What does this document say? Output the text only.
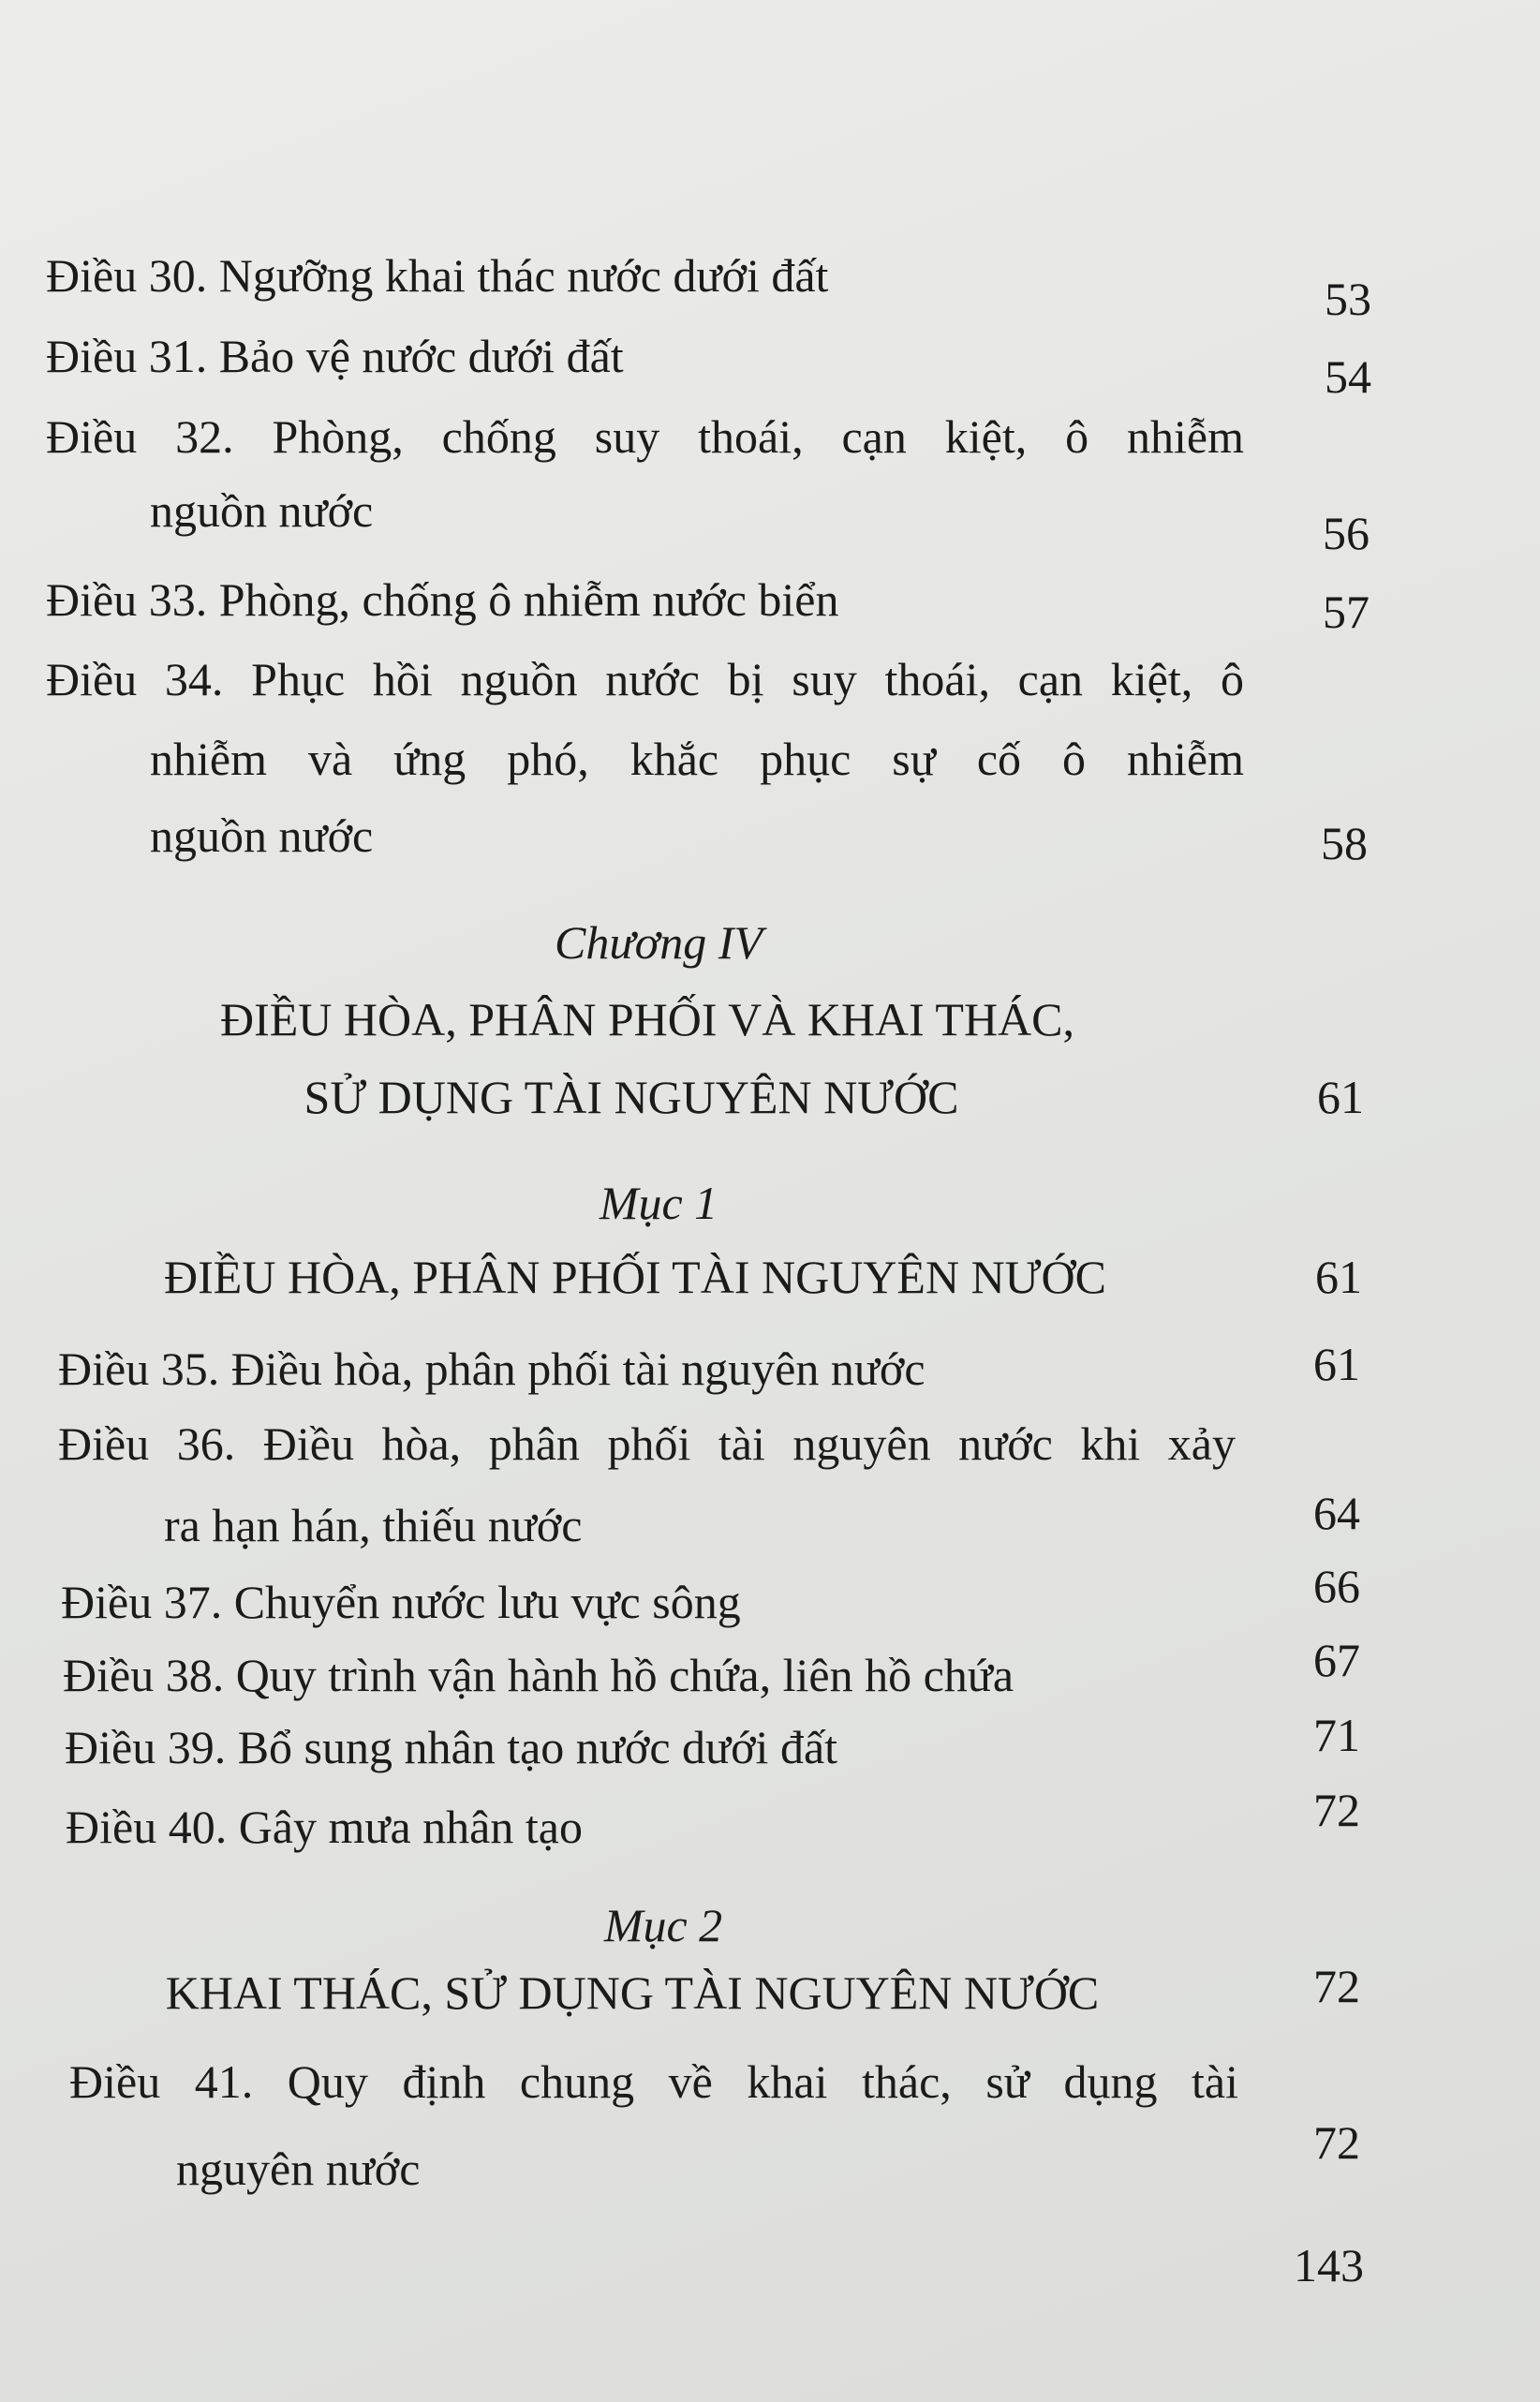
Điều 30. Ngưỡng khai thác nước dưới đất	53
Điều 31. Bảo vệ nước dưới đất	54
Điều 32. Phòng, chống suy thoái, cạn kiệt, ô nhiễm
nguồn nước	56
Điều 33. Phòng, chống ô nhiễm nước biển	57
Điều 34. Phục hồi nguồn nước bị suy thoái, cạn kiệt, ô
nhiễm và ứng phó, khắc phục sự cố ô nhiễm
nguồn nước	58
Chương IV
ĐIỀU HÒA, PHÂN PHỐI VÀ KHAI THÁC,
SỬ DỤNG TÀI NGUYÊN NƯỚC	61
Mục 1
ĐIỀU HÒA, PHÂN PHỐI TÀI NGUYÊN NƯỚC	61
Điều 35. Điều hòa, phân phối tài nguyên nước	61
Điều 36. Điều hòa, phân phối tài nguyên nước khi xảy
ra hạn hán, thiếu nước	64
Điều 37. Chuyển nước lưu vực sông	66
Điều 38. Quy trình vận hành hồ chứa, liên hồ chứa	67
Điều 39. Bổ sung nhân tạo nước dưới đất	71
Điều 40. Gây mưa nhân tạo	72
Mục 2
KHAI THÁC, SỬ DỤNG TÀI NGUYÊN NƯỚC	72
Điều 41. Quy định chung về khai thác, sử dụng tài
nguyên nước	72
143
